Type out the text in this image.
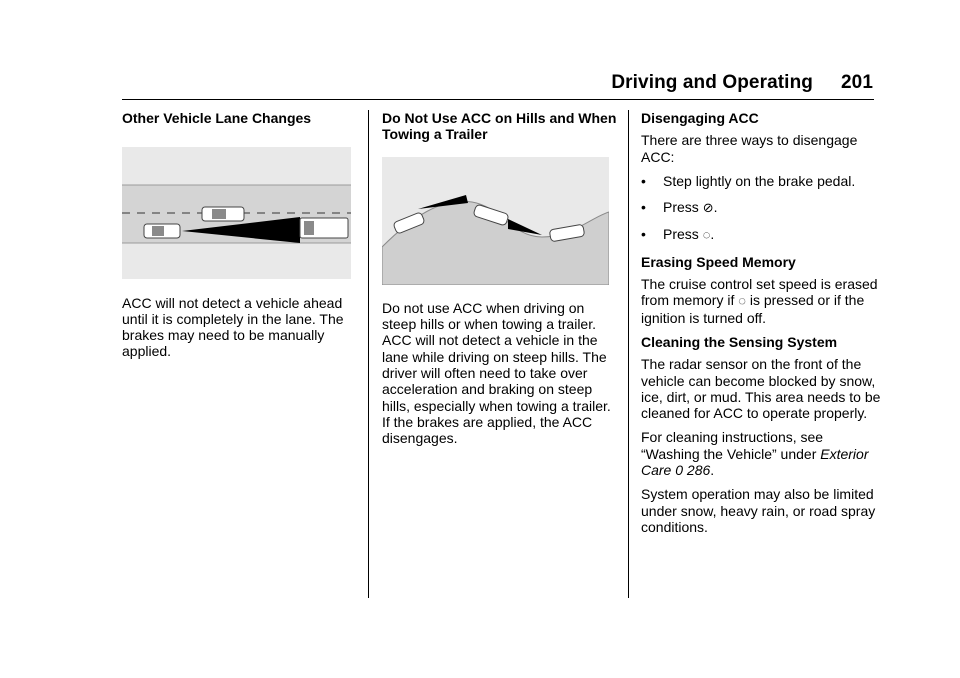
Driving and Operating 201
Other Vehicle Lane Changes

ACC will not detect a vehicle ahead until it is completely in the lane. The brakes may need to be manually applied.

Do Not Use ACC on Hills and When Towing a Trailer

Do not use ACC when driving on steep hills or when towing a trailer. ACC will not detect a vehicle in the lane while driving on steep hills. The driver will often need to take over acceleration and braking on steep hills, especially when towing a trailer. If the brakes are applied, the ACC disengages.

Disengaging ACC

There are three ways to disengage ACC:

•	Step lightly on the brake pedal.
•	Press ⊘.
•	Press ◌.
Erasing Speed Memory

The cruise control set speed is erased from memory if ◌ is pressed or if the ignition is turned off.

Cleaning the Sensing System

The radar sensor on the front of the vehicle can become blocked by snow, ice, dirt, or mud. This area needs to be cleaned for ACC to operate properly.

For cleaning instructions, see “Washing the Vehicle” under Exterior Care 0 286.

System operation may also be limited under snow, heavy rain, or road spray conditions.
